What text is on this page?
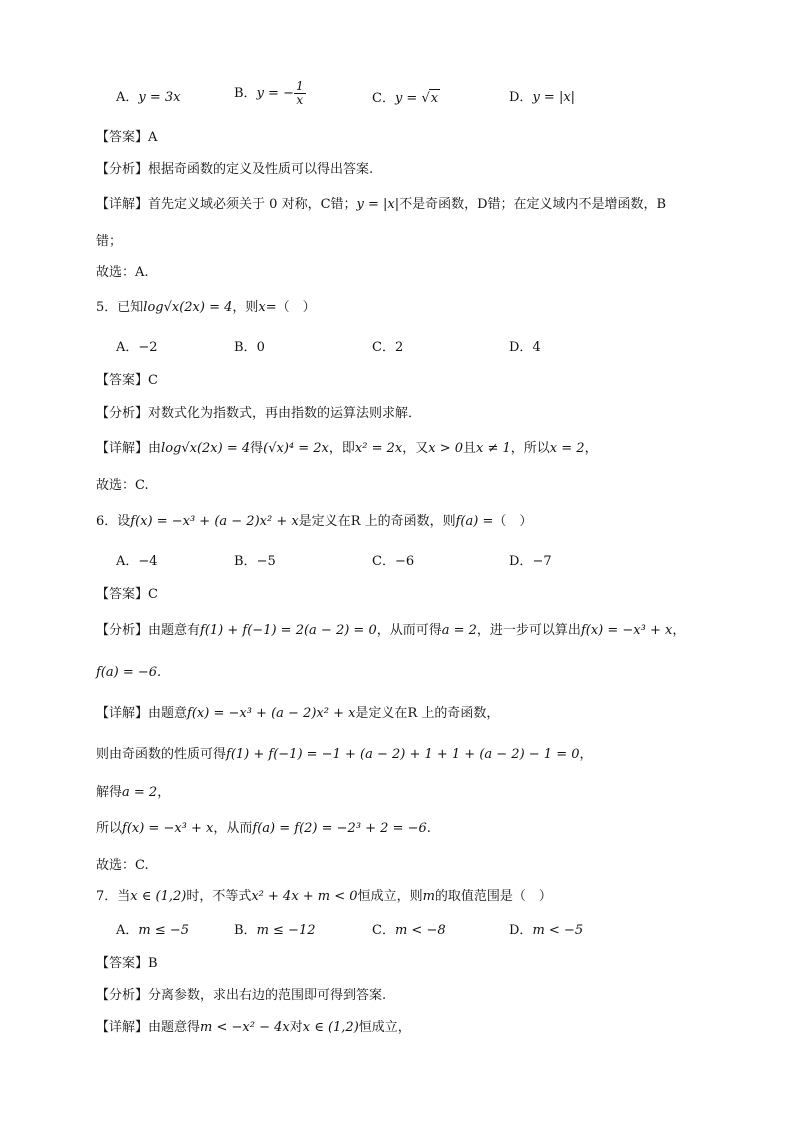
A．y = 3x	B．y = − $\frac{1}{x}$	C．y = √x	D．y = |x|
【答案】A
【分析】根据奇函数的定义及性质可以得出答案.
【详解】首先定义域必须关于 0 对称，C错；y = |x|不是奇函数，D错；在定义域内不是增函数，B
错；
故选：A.
5．已知log√x(2x) = 4，则x=（　）
A．−2	B．0	C．2	D．4
【答案】C
【分析】对数式化为指数式，再由指数的运算法则求解．
【详解】由log√x(2x) = 4得(√x)⁴ = 2x，即x² = 2x，又x > 0且x ≠ 1，所以x = 2，
故选：C.
6．设f(x) = −x³ + (a − 2)x² + x是定义在R 上的奇函数，则f(a) =（　）
A．−4	B．−5	C．−6	D．−7
【答案】C
【分析】由题意有f(1) + f(−1) = 2(a − 2) = 0，从而可得a = 2，进一步可以算出f(x) = −x³ + x，
f(a) = −6.
【详解】由题意f(x) = −x³ + (a − 2)x² + x是定义在R 上的奇函数，
则由奇函数的性质可得f(1) + f(−1) = −1 + (a − 2) + 1 + 1 + (a − 2) − 1 = 0，
解得a = 2，
所以f(x) = −x³ + x，从而f(a) = f(2) = −2³ + 2 = −6.
故选：C.
7．当x ∈ (1,2)时，不等式x² + 4x + m < 0恒成立，则m的取值范围是（　）
A．m ≤ −5	B．m ≤ −12	C．m < −8	D．m < −5
【答案】B
【分析】分离参数，求出右边的范围即可得到答案.
【详解】由题意得m < −x² − 4x对x ∈ (1,2)恒成立，
